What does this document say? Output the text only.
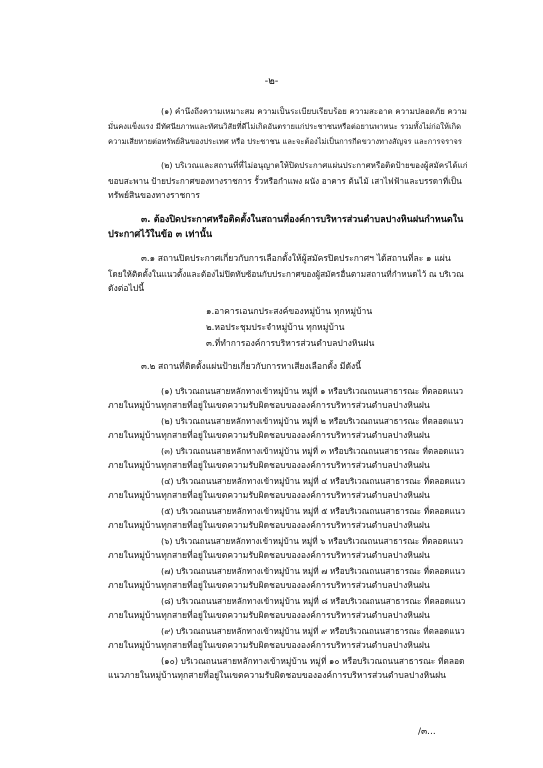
-๒-
(๑) คำนึงถึงความเหมาะสม ความเป็นระเบียบเรียบร้อย ความสะอาด ความปลอดภัย ความ
มั่นคงแข็งแรง มีทัศนียภาพและทัศนวิสัยที่ดีไม่เกิดอันตรายแก่ประชาชนหรือต่อยานพาหนะ รวมทั้งไม่ก่อให้เกิด
ความเสียหายต่อทรัพย์สินของประเทศ หรือ ประชาชน และจะต้องไม่เป็นการกีดขวางทางสัญจร และการจราจร
(๒) บริเวณและสถานที่ที่ไม่อนุญาตให้ปิดประกาศแผ่นประกาศหรือติดป้ายของผู้สมัครได้แก่
ขอบสะพาน ป้ายประกาศของทางราชการ รั้วหรือกำแพง ผนัง อาคาร ต้นไม้ เสาไฟฟ้าและบรรดาที่เป็น
ทรัพย์สินของทางราชการ
๓. ต้องปิดประกาศหรือติดตั้งในสถานที่องค์การบริหารส่วนตำบลปางหินฝนกำหนดใน
ประกาศไว้ในข้อ ๓ เท่านั้น
๓.๑ สถานปิดประกาศเกี่ยวกับการเลือกตั้งให้ผู้สมัครปิดประกาศฯ ได้สถานที่ละ ๑ แผ่น
โดยให้ติดตั้งในแนวตั้งและต้องไม่ปิดทับซ้อนกับประกาศของผู้สมัครอื่นตามสถานที่กำหนดไว้ ณ บริเวณ
ดังต่อไปนี้
๑.อาคารเอนกประสงค์ของหมู่บ้าน ทุกหมู่บ้าน
๒.หอประชุมประจำหมู่บ้าน ทุกหมู่บ้าน
๓.ที่ทำการองค์การบริหารส่วนตำบลปางหินฝน
๓.๒ สถานที่ติดตั้งแผ่นป้ายเกี่ยวกับการหาเสียงเลือกตั้ง มีดังนี้
(๑) บริเวณถนนสายหลักทางเข้าหมู่บ้าน หมู่ที่ ๑ หรือบริเวณถนนสาธารณะ ที่ตลอดแนว
ภายในหมู่บ้านทุกสายที่อยู่ในเขตความรับผิดชอบขององค์การบริหารส่วนตำบลปางหินฝน
(๒) บริเวณถนนสายหลักทางเข้าหมู่บ้าน หมู่ที่ ๒ หรือบริเวณถนนสาธารณะ ที่ตลอดแนว
ภายในหมู่บ้านทุกสายที่อยู่ในเขตความรับผิดชอบขององค์การบริหารส่วนตำบลปางหินฝน
(๓) บริเวณถนนสายหลักทางเข้าหมู่บ้าน หมู่ที่ ๓ หรือบริเวณถนนสาธารณะ ที่ตลอดแนว
ภายในหมู่บ้านทุกสายที่อยู่ในเขตความรับผิดชอบขององค์การบริหารส่วนตำบลปางหินฝน
(๔) บริเวณถนนสายหลักทางเข้าหมู่บ้าน หมู่ที่ ๔ หรือบริเวณถนนสาธารณะ ที่ตลอดแนว
ภายในหมู่บ้านทุกสายที่อยู่ในเขตความรับผิดชอบขององค์การบริหารส่วนตำบลปางหินฝน
(๕) บริเวณถนนสายหลักทางเข้าหมู่บ้าน หมู่ที่ ๕ หรือบริเวณถนนสาธารณะ ที่ตลอดแนว
ภายในหมู่บ้านทุกสายที่อยู่ในเขตความรับผิดชอบขององค์การบริหารส่วนตำบลปางหินฝน
(๖) บริเวณถนนสายหลักทางเข้าหมู่บ้าน หมู่ที่ ๖ หรือบริเวณถนนสาธารณะ ที่ตลอดแนว
ภายในหมู่บ้านทุกสายที่อยู่ในเขตความรับผิดชอบขององค์การบริหารส่วนตำบลปางหินฝน
(๗) บริเวณถนนสายหลักทางเข้าหมู่บ้าน หมู่ที่ ๗ หรือบริเวณถนนสาธารณะ ที่ตลอดแนว
ภายในหมู่บ้านทุกสายที่อยู่ในเขตความรับผิดชอบขององค์การบริหารส่วนตำบลปางหินฝน
(๘) บริเวณถนนสายหลักทางเข้าหมู่บ้าน หมู่ที่ ๘ หรือบริเวณถนนสาธารณะ ที่ตลอดแนว
ภายในหมู่บ้านทุกสายที่อยู่ในเขตความรับผิดชอบขององค์การบริหารส่วนตำบลปางหินฝน
(๙) บริเวณถนนสายหลักทางเข้าหมู่บ้าน หมู่ที่ ๙ หรือบริเวณถนนสาธารณะ ที่ตลอดแนว
ภายในหมู่บ้านทุกสายที่อยู่ในเขตความรับผิดชอบขององค์การบริหารส่วนตำบลปางหินฝน
(๑๐) บริเวณถนนสายหลักทางเข้าหมู่บ้าน หมู่ที่ ๑๐ หรือบริเวณถนนสาธารณะ ที่ตลอด
แนวภายในหมู่บ้านทุกสายที่อยู่ในเขตความรับผิดชอบขององค์การบริหารส่วนตำบลปางหินฝน
/๓...
